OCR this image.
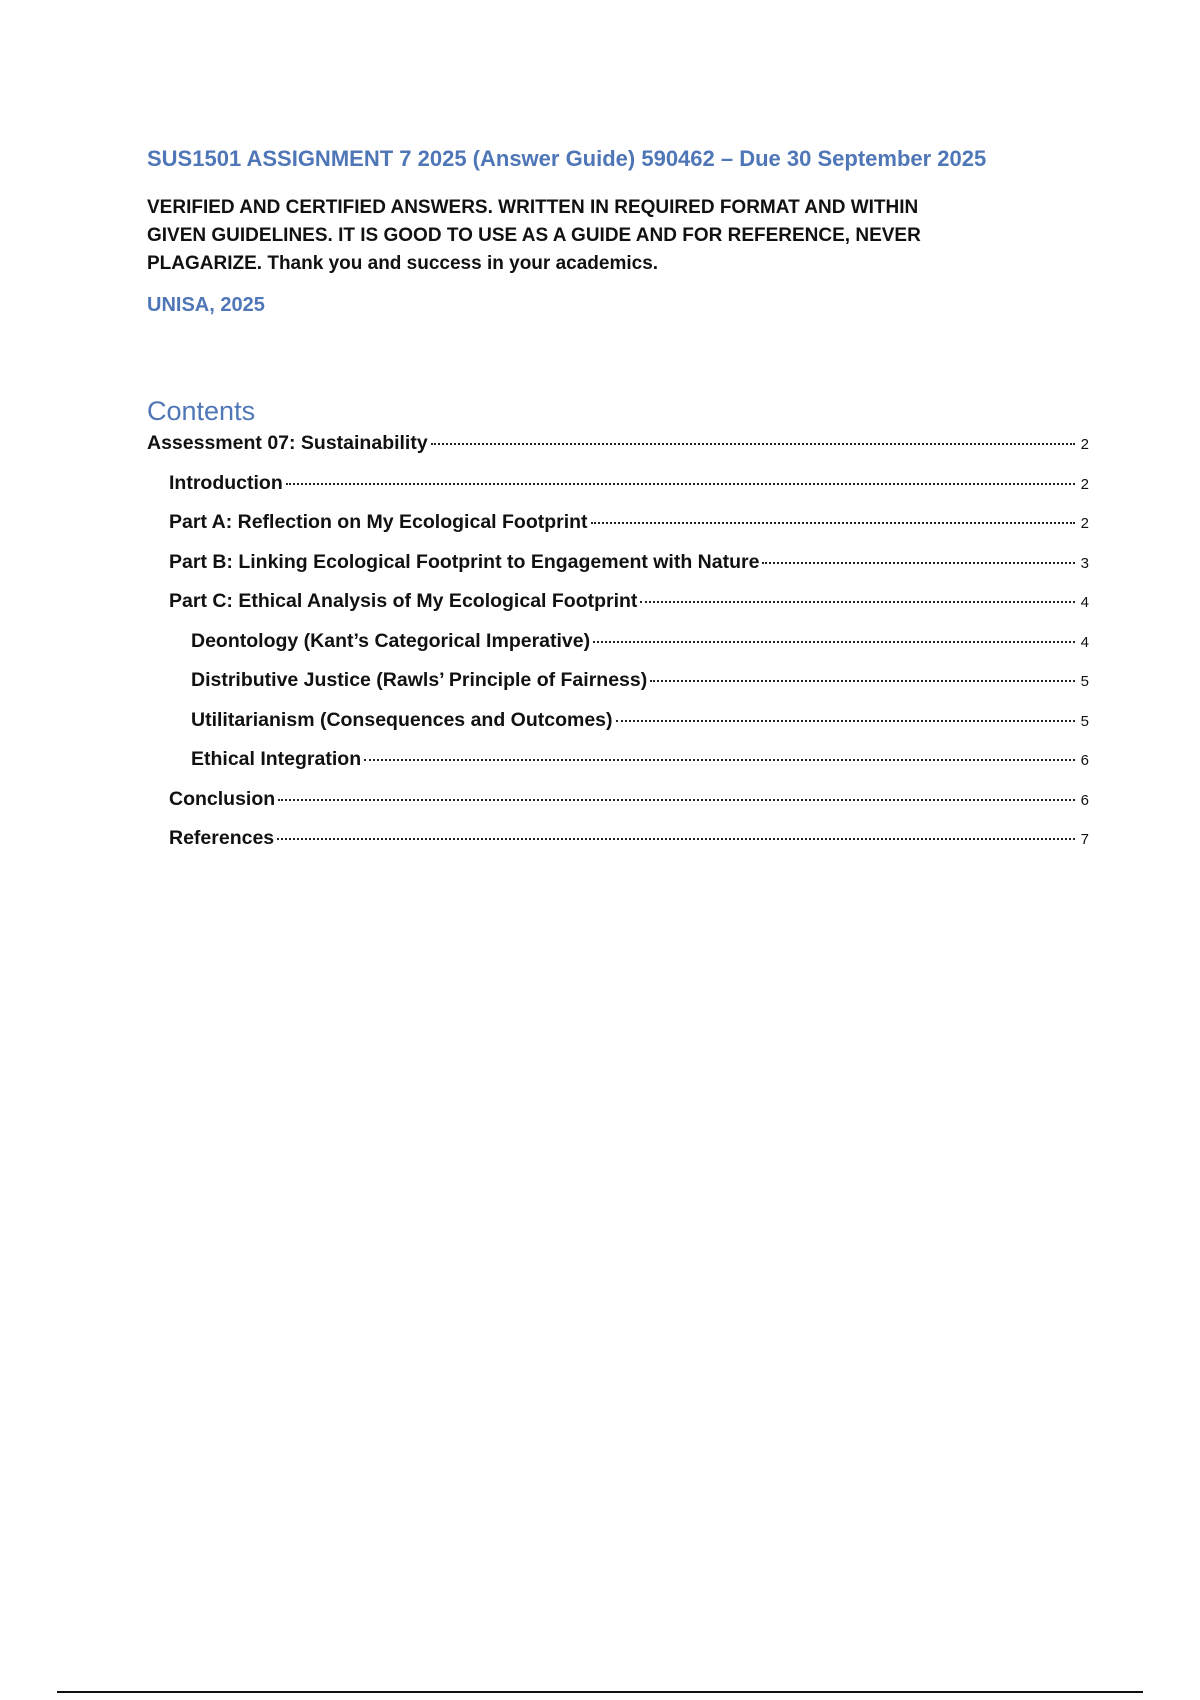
SUS1501 ASSIGNMENT 7 2025 (Answer Guide) 590462 – Due 30 September 2025
VERIFIED AND CERTIFIED ANSWERS. WRITTEN IN REQUIRED FORMAT AND WITHIN
GIVEN GUIDELINES. IT IS GOOD TO USE AS A GUIDE AND FOR REFERENCE, NEVER
PLAGARIZE. Thank you and success in your academics.
UNISA, 2025
Contents
Assessment 07: Sustainability	2
Introduction	2
Part A: Reflection on My Ecological Footprint	2
Part B: Linking Ecological Footprint to Engagement with Nature	3
Part C: Ethical Analysis of My Ecological Footprint	4
Deontology (Kant’s Categorical Imperative)	4
Distributive Justice (Rawls’ Principle of Fairness)	5
Utilitarianism (Consequences and Outcomes)	5
Ethical Integration	6
Conclusion	6
References	7
